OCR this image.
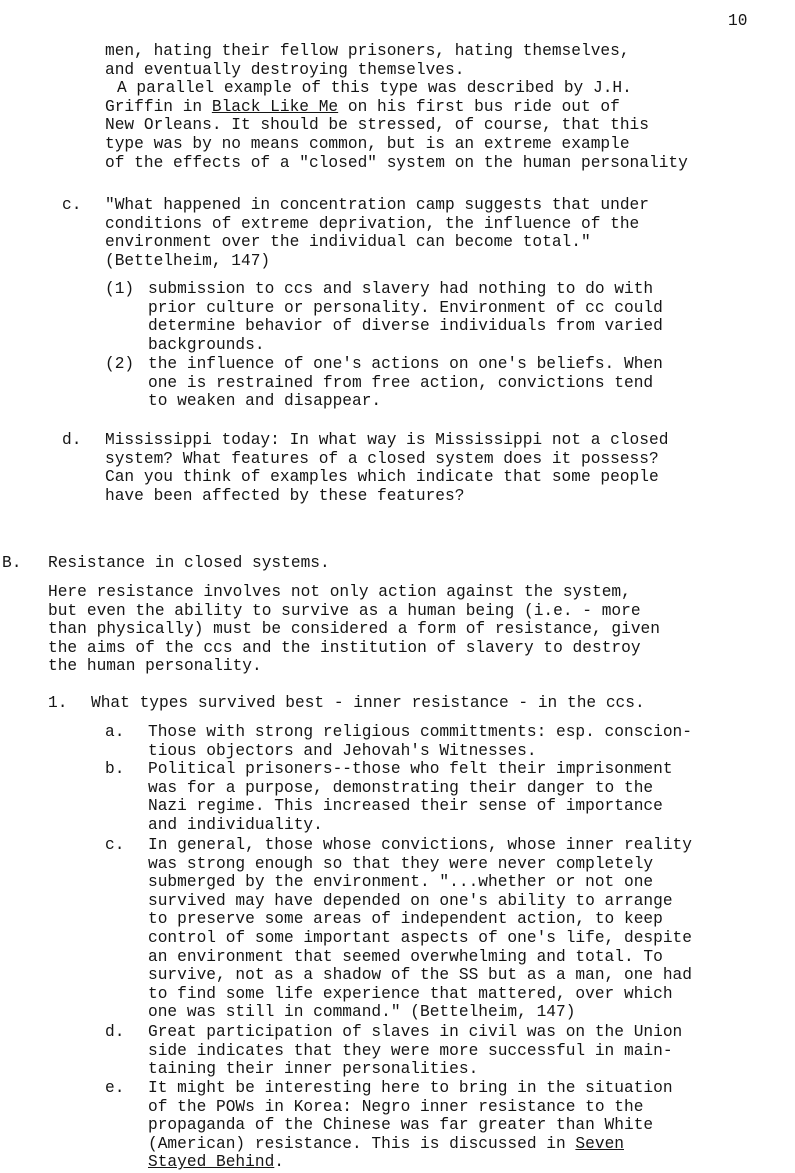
10
men, hating their fellow prisoners, hating themselves,
and eventually destroying themselves.
A parallel example of this type was described by J.H.
Griffin in Black Like Me on his first bus ride out of
New Orleans. It should be stressed, of course, that this
type was by no means common, but is an extreme example
of the effects of a "closed" system on the human personality
c. "What happened in concentration camp suggests that under
conditions of extreme deprivation, the influence of the
environment over the individual can become total."
(Bettelheim, 147)
(1) submission to ccs and slavery had nothing to do with
prior culture or personality. Environment of cc could
determine behavior of diverse individuals from varied
backgrounds.
(2) the influence of one's actions on one's beliefs. When
one is restrained from free action, convictions tend
to weaken and disappear.
d. Mississippi today: In what way is Mississippi not a closed
system? What features of a closed system does it possess?
Can you think of examples which indicate that some people
have been affected by these features?
B. Resistance in closed systems.
Here resistance involves not only action against the system,
but even the ability to survive as a human being (i.e. - more
than physically) must be considered a form of resistance, given
the aims of the ccs and the institution of slavery to destroy
the human personality.
1. What types survived best - inner resistance - in the ccs.
a. Those with strong religious committments: esp. conscion-
tious objectors and Jehovah's Witnesses.
b. Political prisoners--those who felt their imprisonment
was for a purpose, demonstrating their danger to the
Nazi regime. This increased their sense of importance
and individuality.
c. In general, those whose convictions, whose inner reality
was strong enough so that they were never completely
submerged by the environment. "...whether or not one
survived may have depended on one's ability to arrange
to preserve some areas of independent action, to keep
control of some important aspects of one's life, despite
an environment that seemed overwhelming and total. To
survive, not as a shadow of the SS but as a man, one had
to find some life experience that mattered, over which
one was still in command." (Bettelheim, 147)
d. Great participation of slaves in civil was on the Union
side indicates that they were more successful in main-
taining their inner personalities.
e. It might be interesting here to bring in the situation
of the POWs in Korea: Negro inner resistance to the
propaganda of the Chinese was far greater than White
(American) resistance. This is discussed in Seven
Stayed Behind.
